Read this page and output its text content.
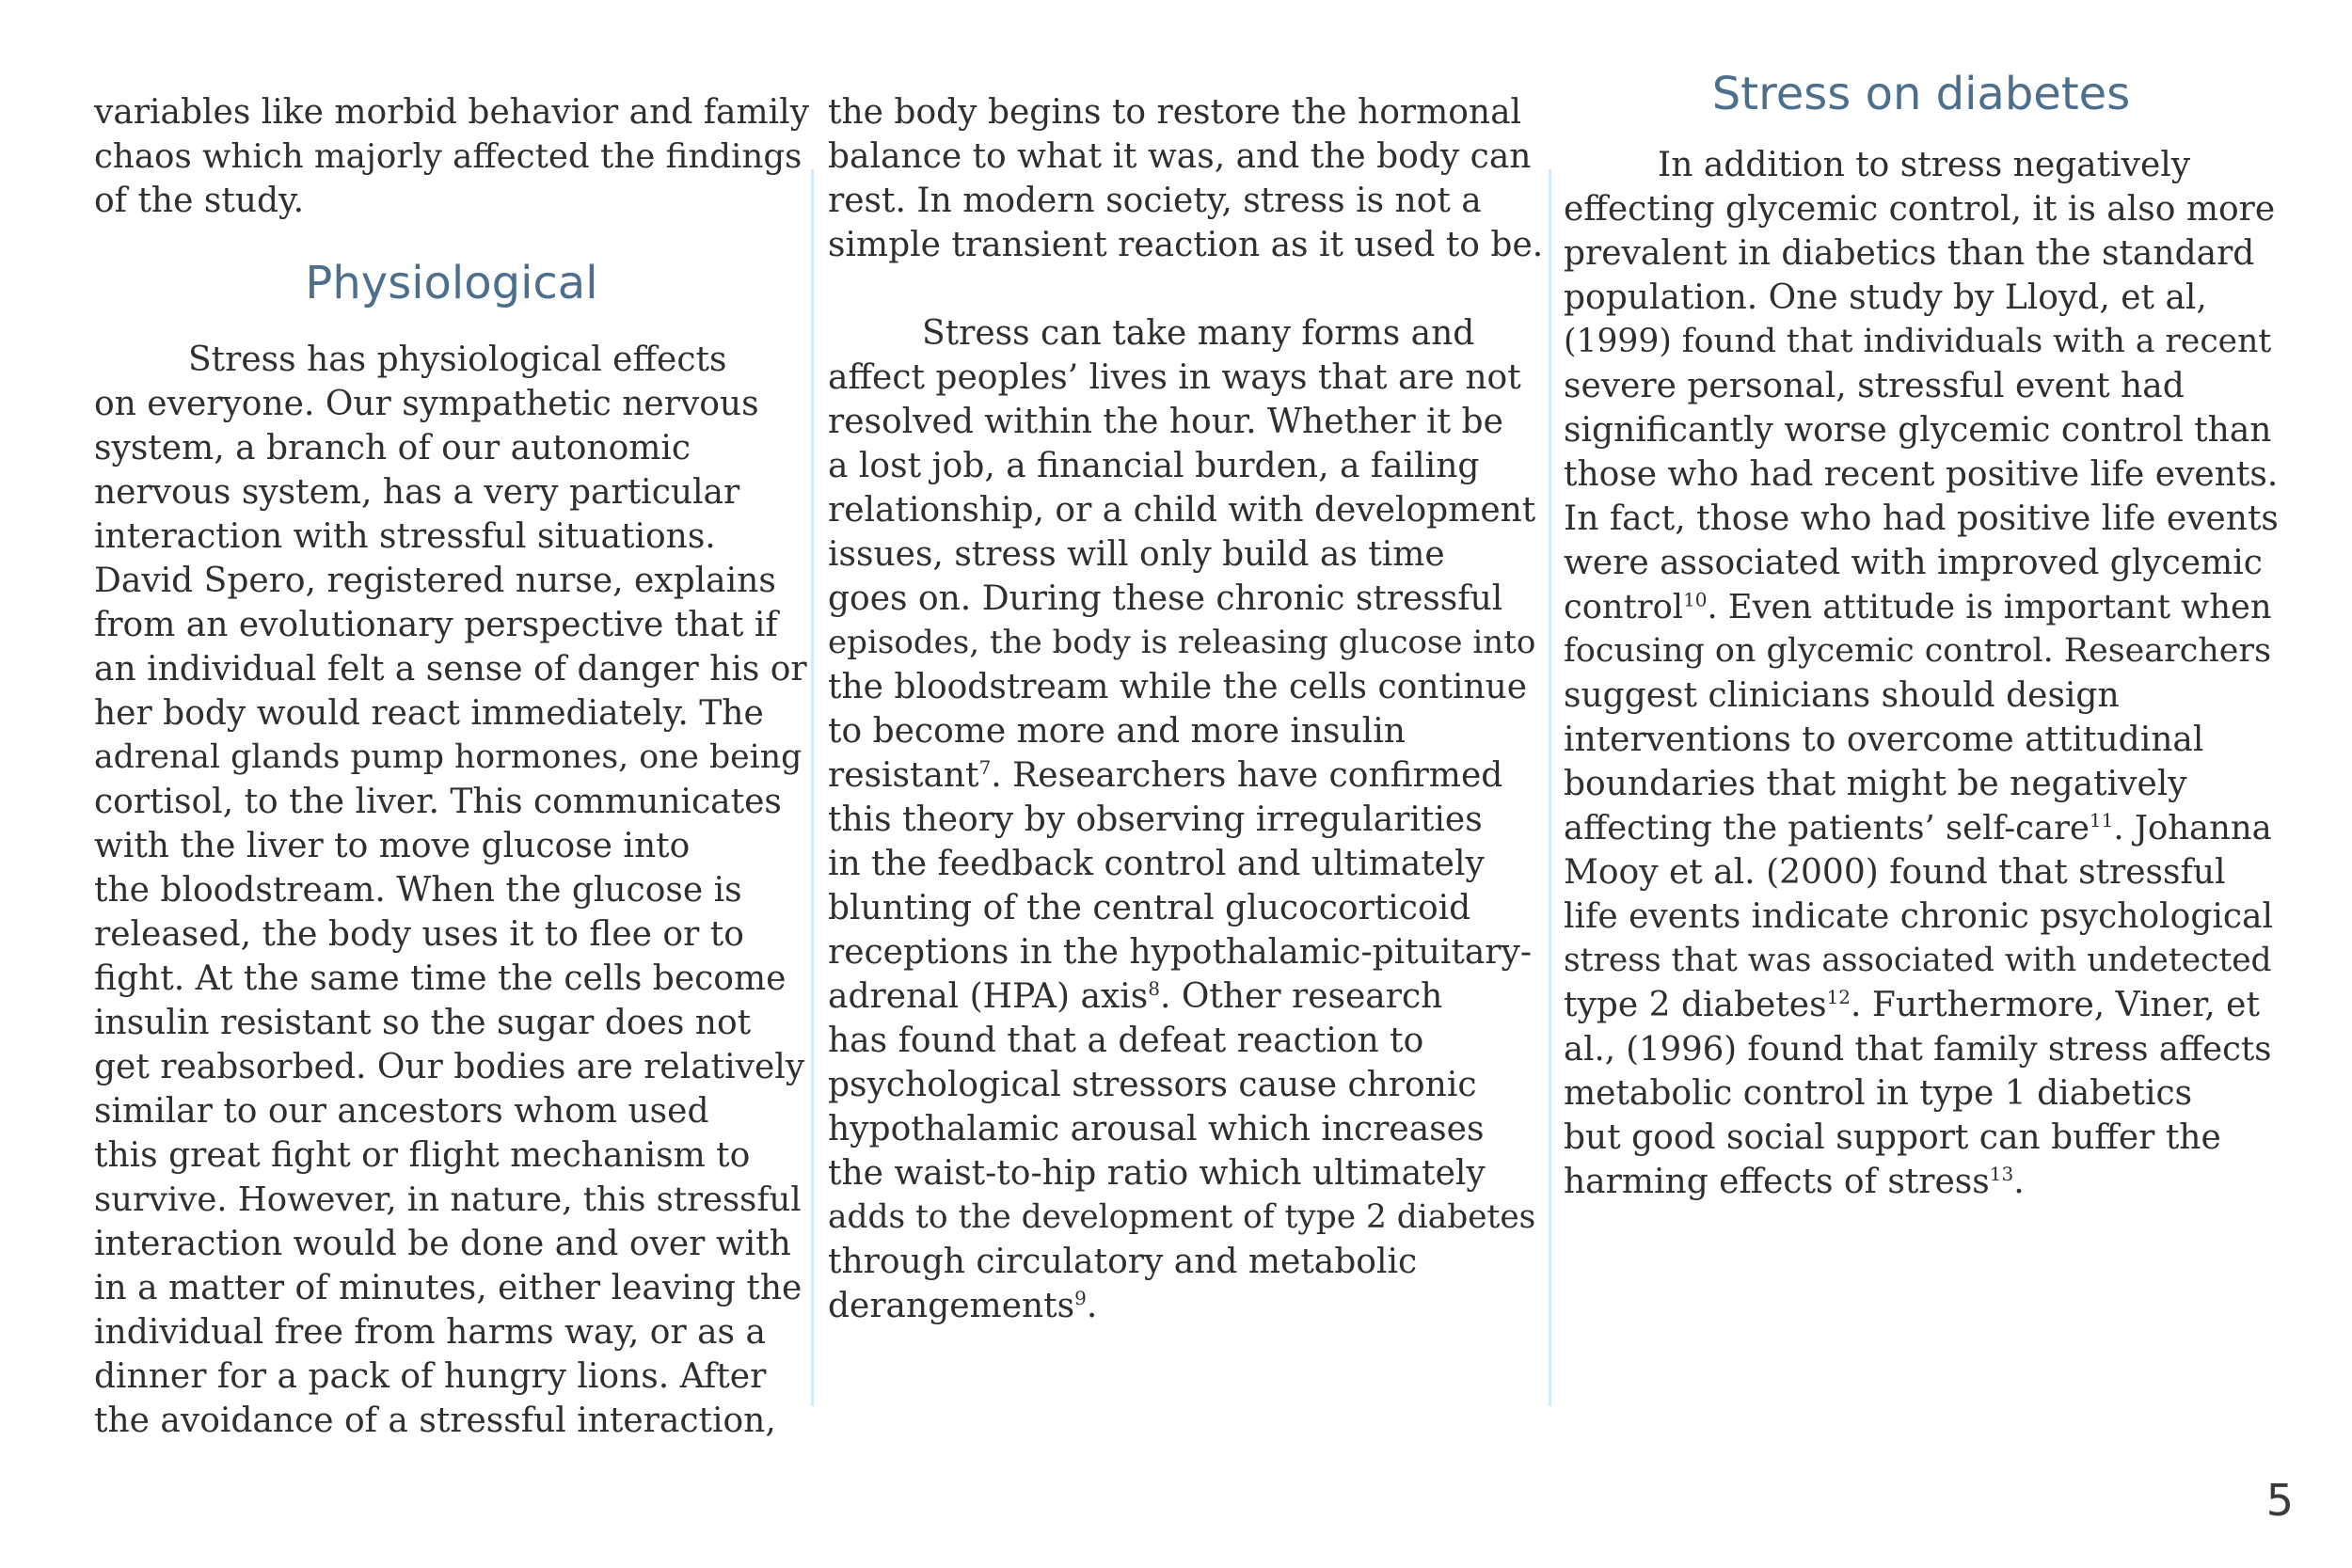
variables like morbid behavior and family
chaos which majorly affected the findings
of the study.
Physiological
Stress has physiological effects
on everyone. Our sympathetic nervous
system, a branch of our autonomic
nervous system, has a very particular
interaction with stressful situations.
David Spero, registered nurse, explains
from an evolutionary perspective that if
an individual felt a sense of danger his or
her body would react immediately. The
adrenal glands pump hormones, one being
cortisol, to the liver. This communicates
with the liver to move glucose into
the bloodstream. When the glucose is
released, the body uses it to flee or to
fight. At the same time the cells become
insulin resistant so the sugar does not
get reabsorbed. Our bodies are relatively
similar to our ancestors whom used
this great fight or flight mechanism to
survive. However, in nature, this stressful
interaction would be done and over with
in a matter of minutes, either leaving the
individual free from harms way, or as a
dinner for a pack of hungry lions. After
the avoidance of a stressful interaction,
the body begins to restore the hormonal
balance to what it was, and the body can
rest. In modern society, stress is not a
simple transient reaction as it used to be.
Stress can take many forms and
affect peoples’ lives in ways that are not
resolved within the hour. Whether it be
a lost job, a financial burden, a failing
relationship, or a child with development
issues, stress will only build as time
goes on. During these chronic stressful
episodes, the body is releasing glucose into
the bloodstream while the cells continue
to become more and more insulin
resistant$^7$. Researchers have confirmed
this theory by observing irregularities
in the feedback control and ultimately
blunting of the central glucocorticoid
receptions in the hypothalamic-pituitary-
adrenal (HPA) axis$^8$. Other research
has found that a defeat reaction to
psychological stressors cause chronic
hypothalamic arousal which increases
the waist-to-hip ratio which ultimately
adds to the development of type 2 diabetes
through circulatory and metabolic
derangements$^9$.
Stress on diabetes
In addition to stress negatively
effecting glycemic control, it is also more
prevalent in diabetics than the standard
population. One study by Lloyd, et al,
(1999) found that individuals with a recent
severe personal, stressful event had
significantly worse glycemic control than
those who had recent positive life events.
In fact, those who had positive life events
were associated with improved glycemic
control$^{10}$. Even attitude is important when
focusing on glycemic control. Researchers
suggest clinicians should design
interventions to overcome attitudinal
boundaries that might be negatively
affecting the patients’ self-care$^{11}$. Johanna
Mooy et al. (2000) found that stressful
life events indicate chronic psychological
stress that was associated with undetected
type 2 diabetes$^{12}$. Furthermore, Viner, et
al., (1996) found that family stress affects
metabolic control in type 1 diabetics
but good social support can buffer the
harming effects of stress$^{13}$.
5
